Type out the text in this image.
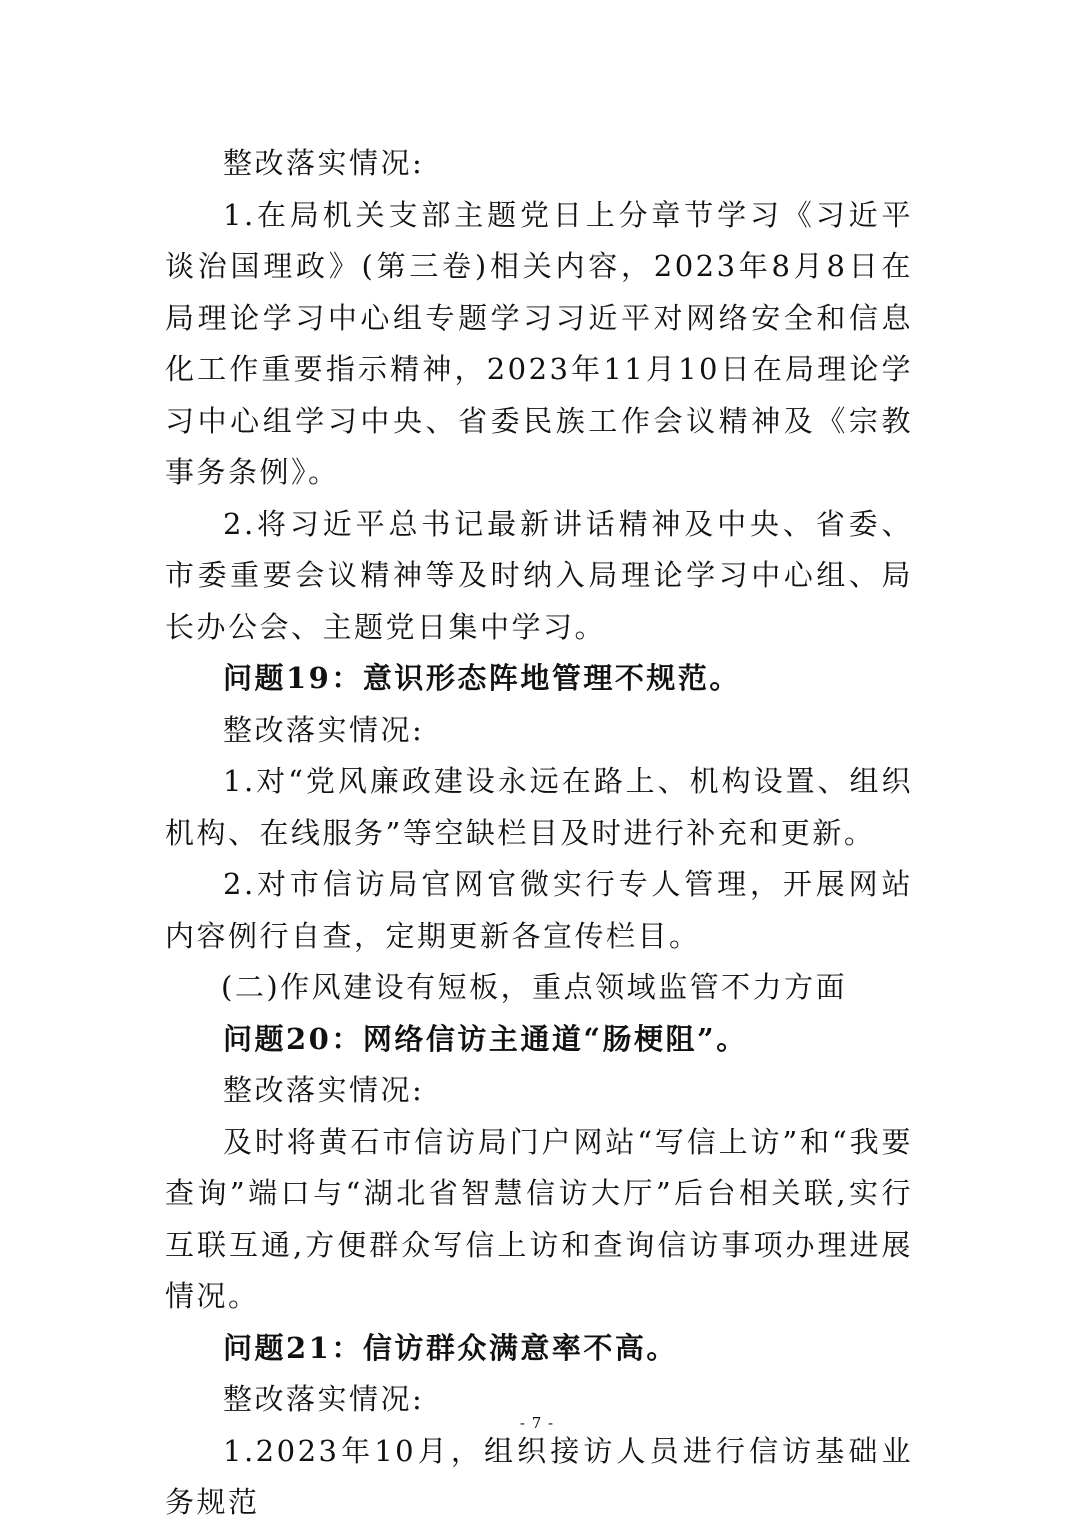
整改落实情况:

1.在局机关支部主题党日上分章节学习《习近平谈治国理政》(第三卷)相关内容，2023年8月8日在局理论学习中心组专题学习习近平对网络安全和信息化工作重要指示精神，2023年11月10日在局理论学习中心组学习中央、省委民族工作会议精神及《宗教事务条例》。

2.将习近平总书记最新讲话精神及中央、省委、市委重要会议精神等及时纳入局理论学习中心组、局长办公会、主题党日集中学习。

问题19：意识形态阵地管理不规范。

整改落实情况:

1.对“党风廉政建设永远在路上、机构设置、组织机构、在线服务”等空缺栏目及时进行补充和更新。

2.对市信访局官网官微实行专人管理，开展网站内容例行自查，定期更新各宣传栏目。

(二)作风建设有短板，重点领域监管不力方面

问题20：网络信访主通道“肠梗阻”。

整改落实情况:

及时将黄石市信访局门户网站“写信上访”和“我要查询”端口与“湖北省智慧信访大厅”后台相关联,实行互联互通,方便群众写信上访和查询信访事项办理进展情况。

问题21：信访群众满意率不高。

整改落实情况:

1.2023年10月，组织接访人员进行信访基础业务规范

- 7 -
